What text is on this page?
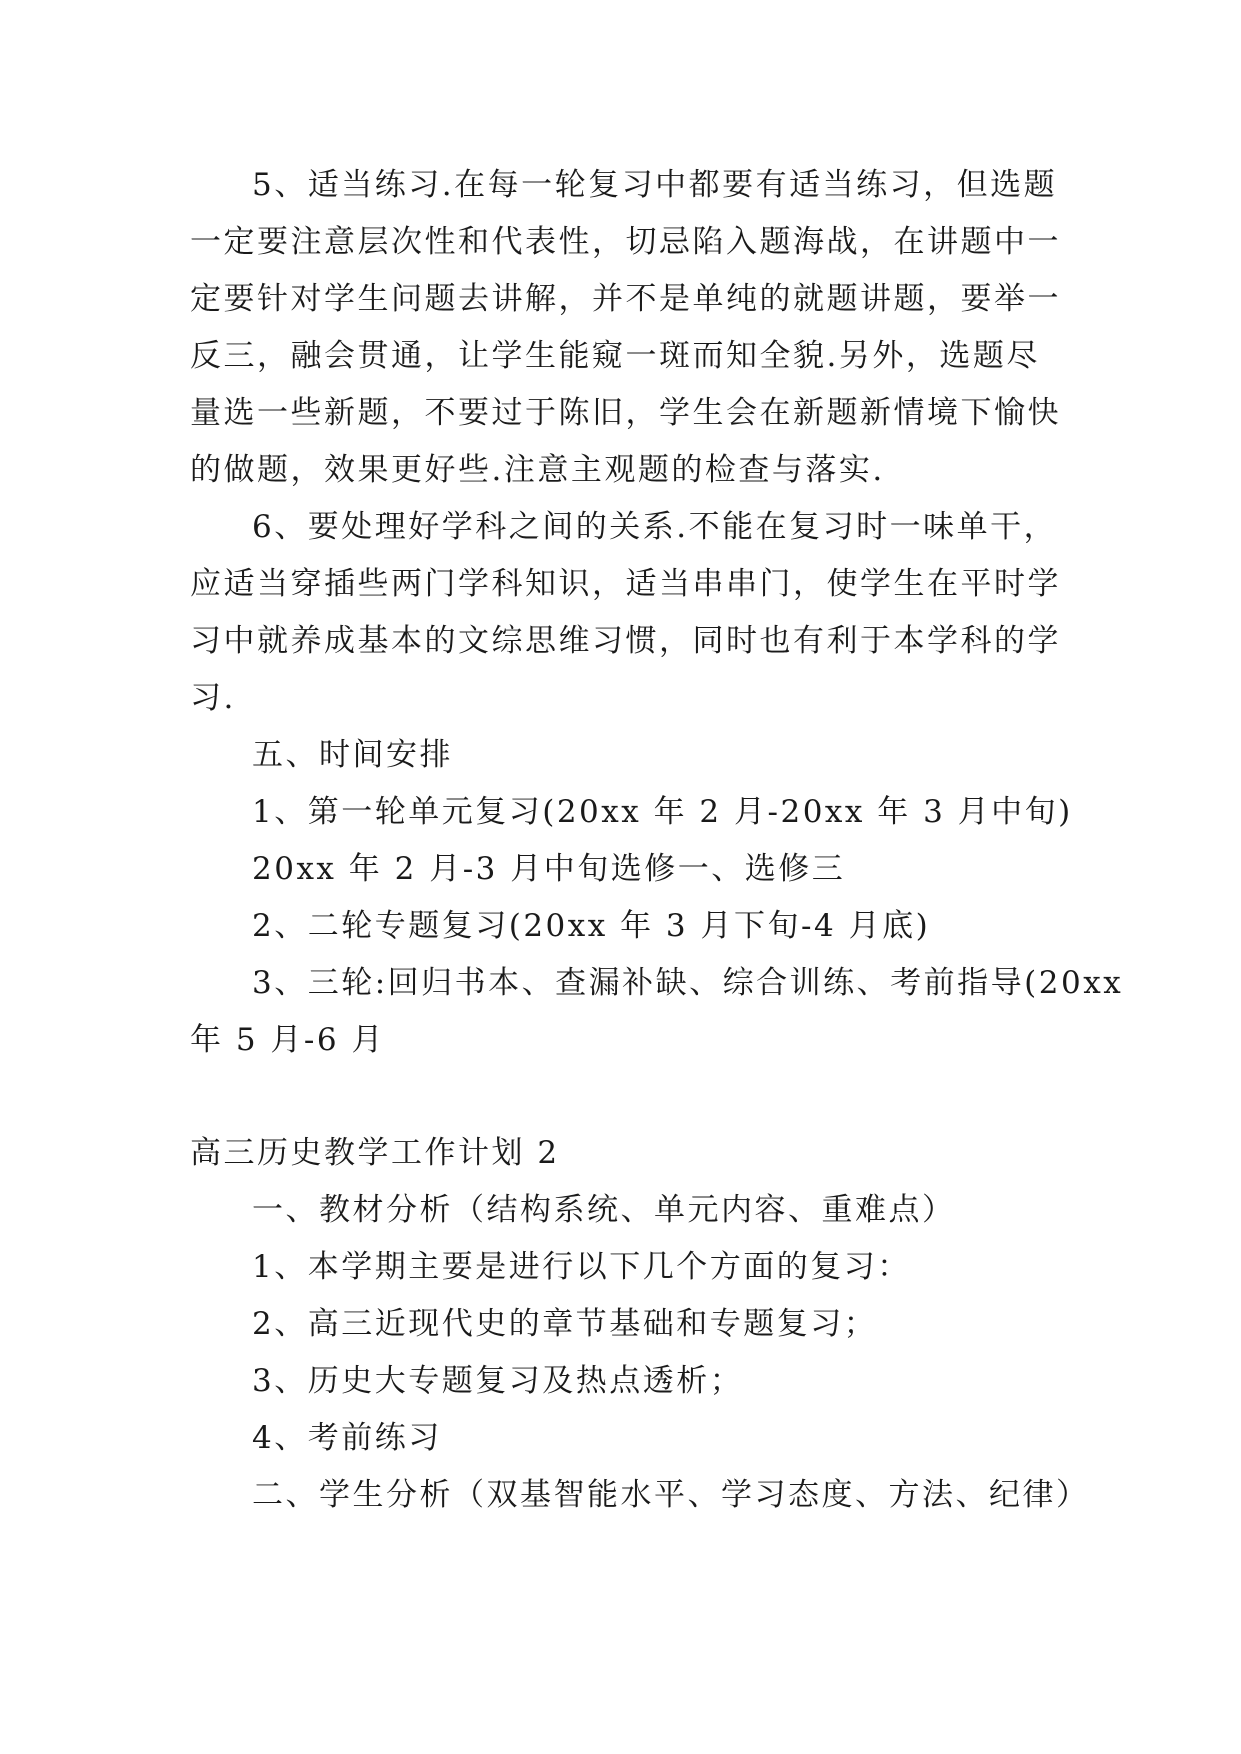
5、适当练习.在每一轮复习中都要有适当练习，但选题
一定要注意层次性和代表性，切忌陷入题海战，在讲题中一
定要针对学生问题去讲解，并不是单纯的就题讲题，要举一
反三，融会贯通，让学生能窥一斑而知全貌.另外，选题尽
量选一些新题，不要过于陈旧，学生会在新题新情境下愉快
的做题，效果更好些.注意主观题的检查与落实.
6、要处理好学科之间的关系.不能在复习时一味单干，
应适当穿插些两门学科知识，适当串串门，使学生在平时学
习中就养成基本的文综思维习惯，同时也有利于本学科的学
习.
五、时间安排
1、第一轮单元复习(20xx 年 2 月-20xx 年 3 月中旬)
20xx 年 2 月-3 月中旬选修一、选修三
2、二轮专题复习(20xx 年 3 月下旬-4 月底)
3、三轮:回归书本、查漏补缺、综合训练、考前指导(20xx
年 5 月-6 月
高三历史教学工作计划 2
一、教材分析（结构系统、单元内容、重难点）
1、本学期主要是进行以下几个方面的复习：
2、高三近现代史的章节基础和专题复习；
3、历史大专题复习及热点透析；
4、考前练习
二、学生分析（双基智能水平、学习态度、方法、纪律）
